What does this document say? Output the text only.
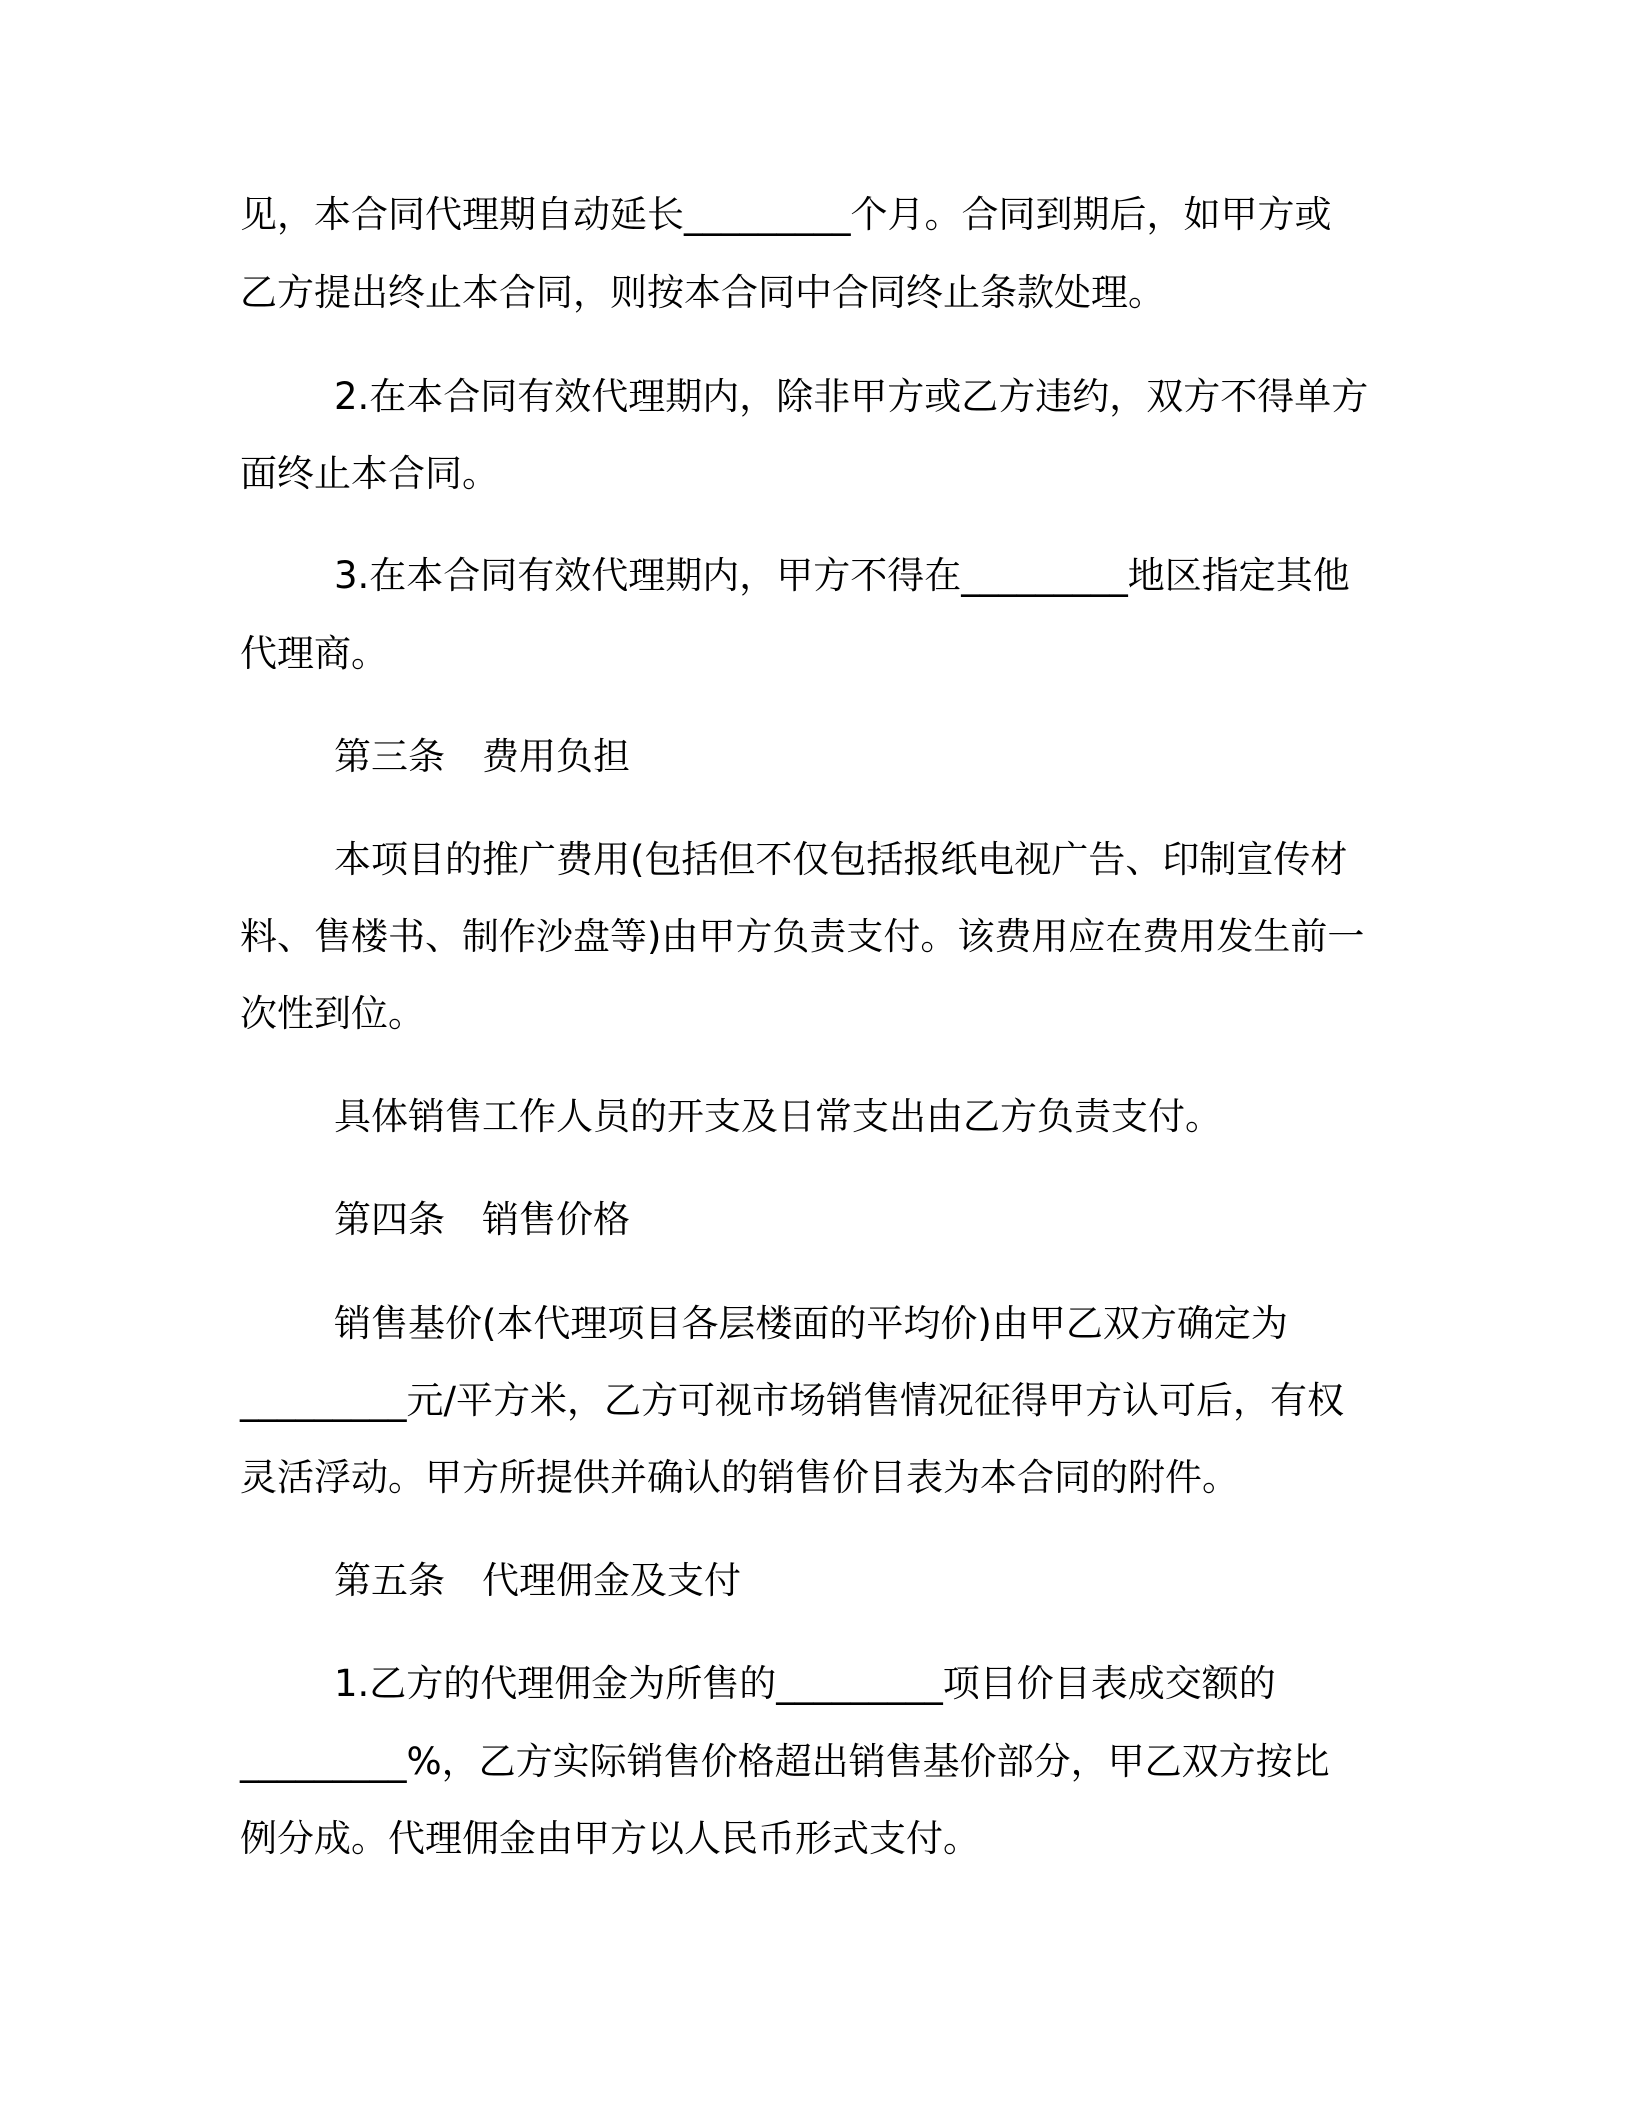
见，本合同代理期自动延长_________个月。合同到期后，如甲方或

乙方提出终止本合同，则按本合同中合同终止条款处理。

2.在本合同有效代理期内，除非甲方或乙方违约，双方不得单方

面终止本合同。

3.在本合同有效代理期内，甲方不得在_________地区指定其他

代理商。

第三条　费用负担

本项目的推广费用(包括但不仅包括报纸电视广告、印制宣传材

料、售楼书、制作沙盘等)由甲方负责支付。该费用应在费用发生前一

次性到位。

具体销售工作人员的开支及日常支出由乙方负责支付。

第四条　销售价格

销售基价(本代理项目各层楼面的平均价)由甲乙双方确定为

_________元/平方米，乙方可视市场销售情况征得甲方认可后，有权

灵活浮动。甲方所提供并确认的销售价目表为本合同的附件。

第五条　代理佣金及支付

1.乙方的代理佣金为所售的_________项目价目表成交额的

_________%，乙方实际销售价格超出销售基价部分，甲乙双方按比

例分成。代理佣金由甲方以人民币形式支付。
